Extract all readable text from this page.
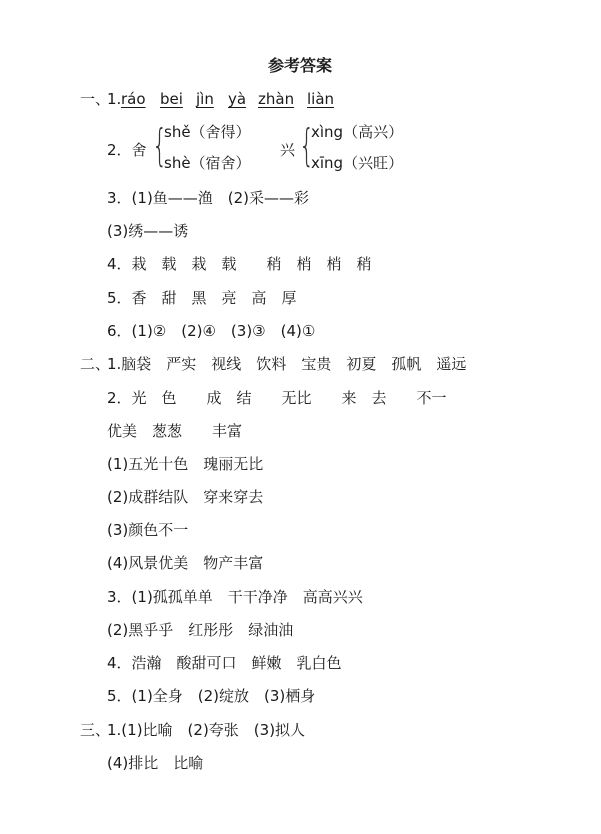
参考答案
一、
1. ráo bei jìn yà zhàn liàn
2．舍 {
shě（舍得）
shè（宿舍）
兴 {
xìng（高兴）
xīng（兴旺）
3．(1)鱼——渔　(2)采——彩
(3)绣——诱
4．栽　载　栽　载　　稍　梢　梢　稍
5．香　甜　黑　亮　高　厚
6．(1)②　(2)④　(3)③　(4)①
二、
1.脑袋　严实　视线　饮料　宝贵　初夏　孤帆　遥远
2．光　色　　成　结　　无比　　来　去　　不一
优美　葱葱　　丰富
(1)五光十色　瑰丽无比
(2)成群结队　穿来穿去
(3)颜色不一
(4)风景优美　物产丰富
3．(1)孤孤单单　干干净净　高高兴兴
(2)黑乎乎　红彤彤　绿油油
4．浩瀚　酸甜可口　鲜嫩　乳白色
5．(1)全身　(2)绽放　(3)栖身
三、
1.(1)比喻　(2)夸张　(3)拟人
(4)排比　比喻
